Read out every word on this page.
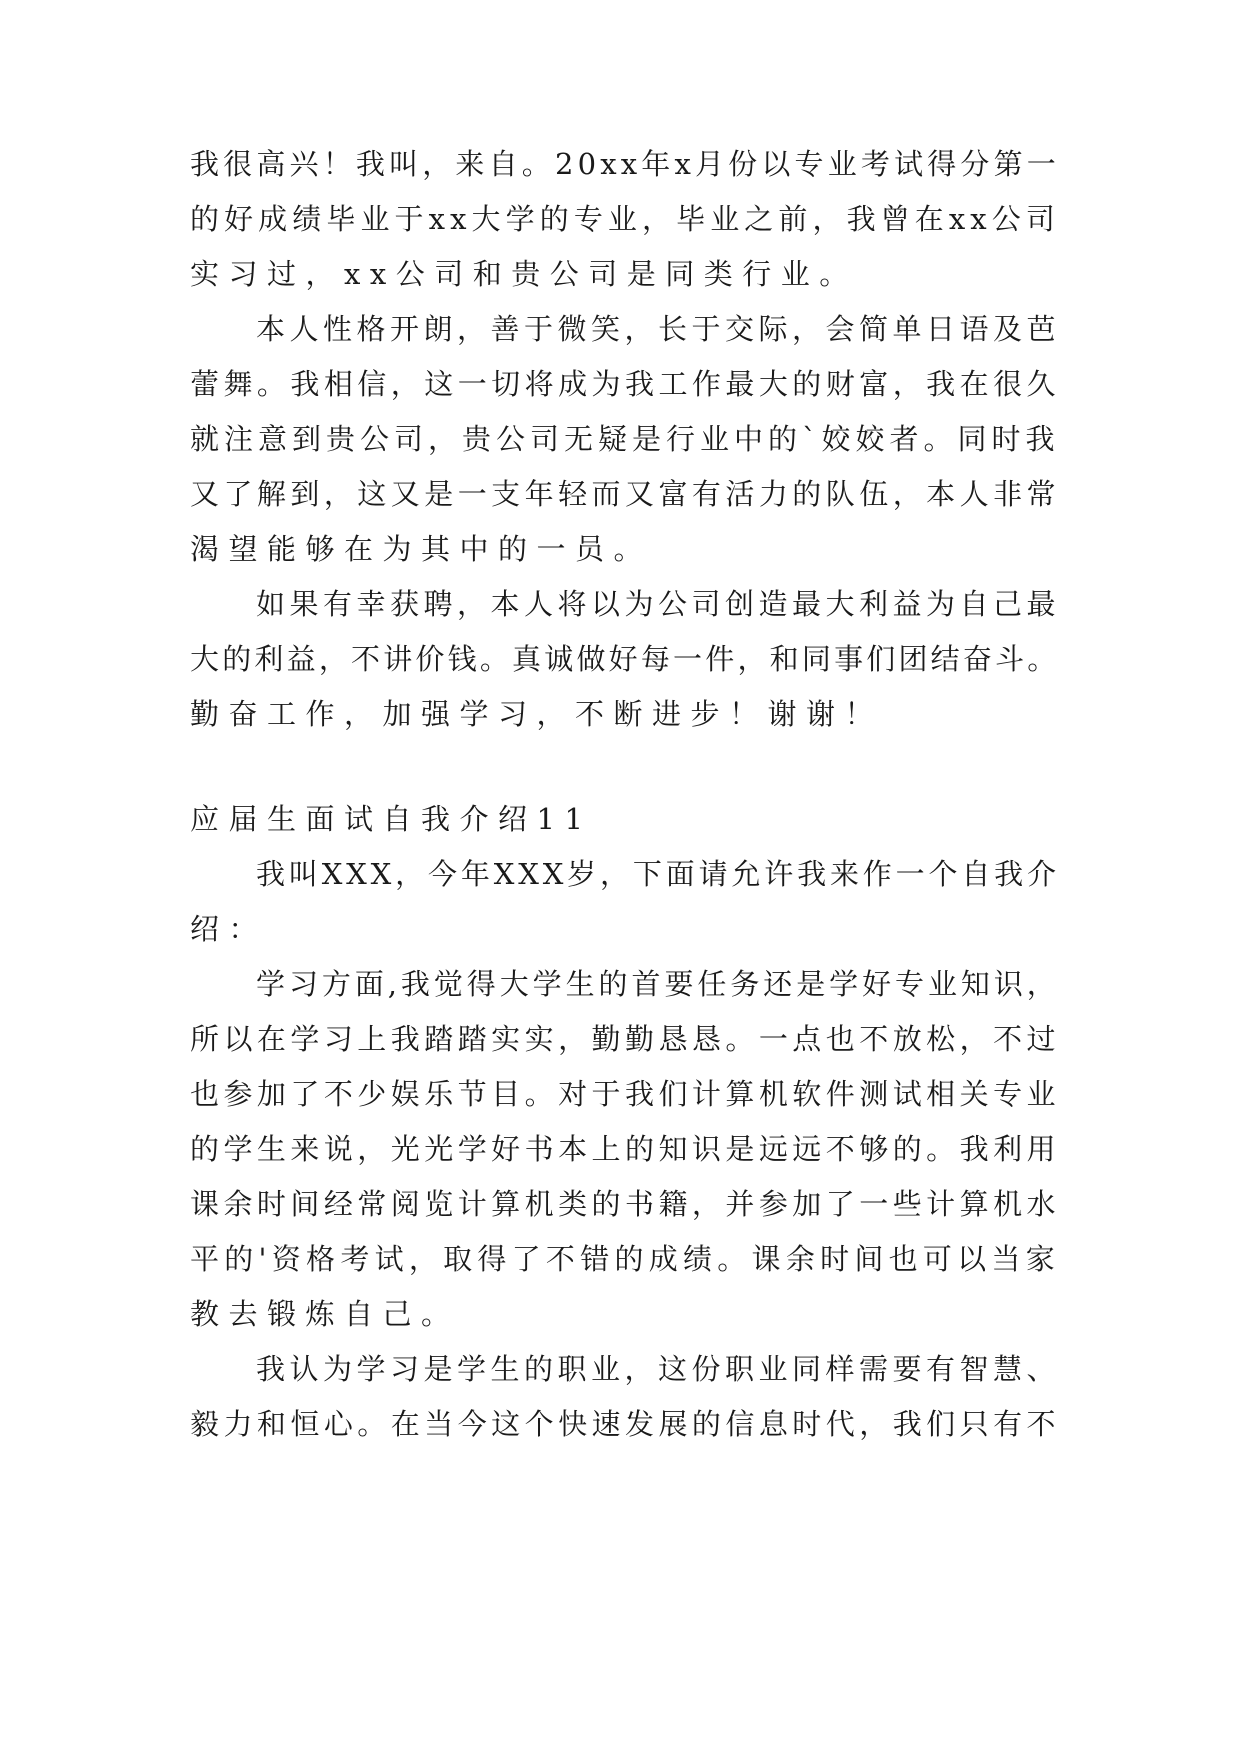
我很高兴！我叫，来自。20xx年x月份以专业考试得分第一
的好成绩毕业于xx大学的专业，毕业之前，我曾在xx公司
实习过，xx公司和贵公司是同类行业。
本人性格开朗，善于微笑，长于交际，会简单日语及芭
蕾舞。我相信，这一切将成为我工作最大的财富，我在很久
就注意到贵公司，贵公司无疑是行业中的`姣姣者。同时我
又了解到，这又是一支年轻而又富有活力的队伍，本人非常
渴望能够在为其中的一员。
如果有幸获聘，本人将以为公司创造最大利益为自己最
大的利益，不讲价钱。真诚做好每一件，和同事们团结奋斗。
勤奋工作，加强学习，不断进步！谢谢！
应届生面试自我介绍11
我叫XXX，今年XXX岁，下面请允许我来作一个自我介
绍：
学习方面,我觉得大学生的首要任务还是学好专业知识，
所以在学习上我踏踏实实，勤勤恳恳。一点也不放松，不过
也参加了不少娱乐节目。对于我们计算机软件测试相关专业
的学生来说，光光学好书本上的知识是远远不够的。我利用
课余时间经常阅览计算机类的书籍，并参加了一些计算机水
平的'资格考试，取得了不错的成绩。课余时间也可以当家
教去锻炼自己。
我认为学习是学生的职业，这份职业同样需要有智慧、
毅力和恒心。在当今这个快速发展的信息时代，我们只有不
